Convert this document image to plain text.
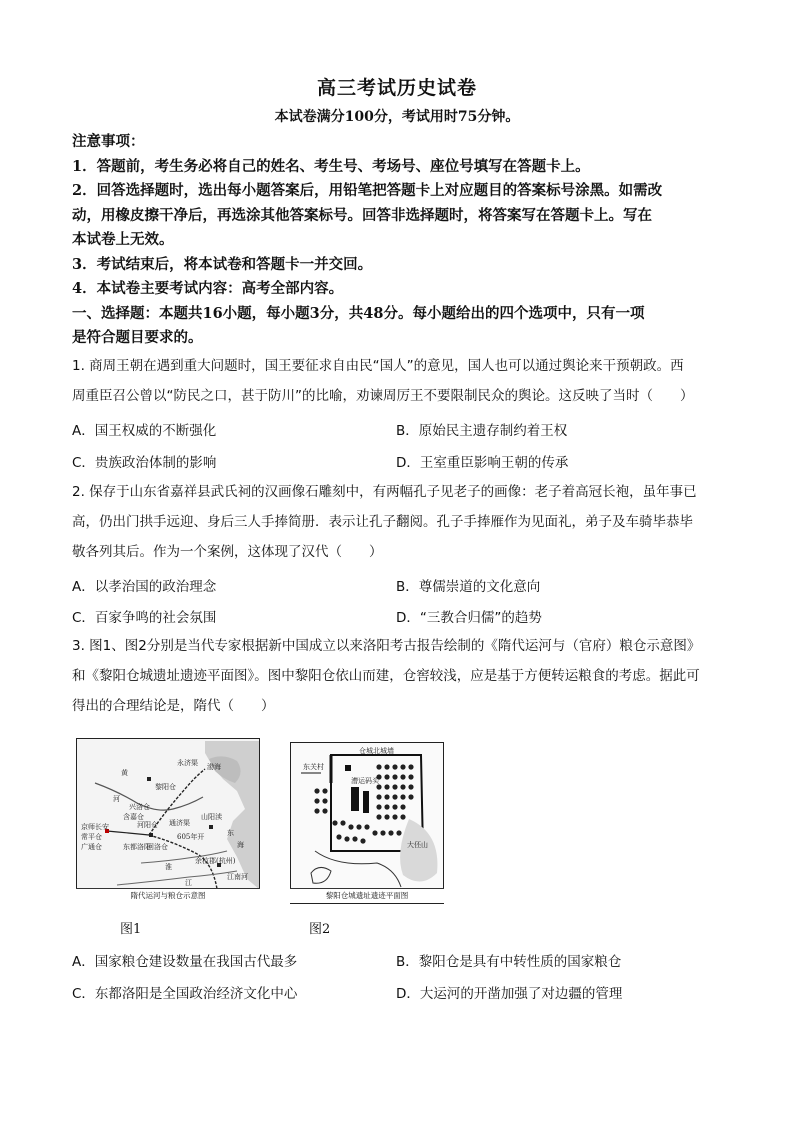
高三考试历史试卷
本试卷满分100分，考试用时75分钟。
注意事项：
1．答题前，考生务必将自己的姓名、考生号、考场号、座位号填写在答题卡上。
2．回答选择题时，选出每小题答案后，用铅笔把答题卡上对应题目的答案标号涂黑。如需改
动，用橡皮擦干净后，再选涂其他答案标号。回答非选择题时，将答案写在答题卡上。写在
本试卷上无效。
3．考试结束后，将本试卷和答题卡一并交回。
4．本试卷主要考试内容：高考全部内容。
一、选择题：本题共16小题，每小题3分，共48分。每小题给出的四个选项中，只有一项
是符合题目要求的。
1. 商周王朝在遇到重大问题时，国王要征求自由民“国人”的意见，国人也可以通过舆论来干预朝政。西
周重臣召公曾以“防民之口，甚于防川”的比喻，劝谏周厉王不要限制民众的舆论。这反映了当时（　　）
A．国王权威的不断强化	B．原始民主遗存制约着王权
C．贵族政治体制的影响	D．王室重臣影响王朝的传承
2. 保存于山东省嘉祥县武氏祠的汉画像石雕刻中，有两幅孔子见老子的画像：老子着高冠长袍，虽年事已
高，仍出门拱手远迎、身后三人手捧简册．表示让孔子翻阅。孔子手捧雁作为见面礼，弟子及车骑毕恭毕
敬各列其后。作为一个案例，这体现了汉代（　　）
A．以孝治国的政治理念	B．尊儒崇道的文化意向
C．百家争鸣的社会氛围	D．“三教合归儒”的趋势
3. 图1、图2分别是当代专家根据新中国成立以来洛阳考古报告绘制的《隋代运河与（官府）粮仓示意图》
和《黎阳仓城遗址遗迹平面图》。图中黎阳仓依山而建，仓窖较浅，应是基于方便转运粮食的考虑。据此可
得出的合理结论是，隋代（　　）
黄
河
渤海
永济渠
黎阳仓
通济渠
605年开	东
海
京师长安
常平仓
广通仓	东都洛阳
回洛仓
含嘉仓
兴洛仓
河阳仓
山阳渎
淮
江
余杭郡(杭州)
江南河
隋代运河与粮仓示意图
图1
仓城北城墙
东关村
漕运码头
大伾山
黎阳仓城遗址遗迹平面图
图2
A．国家粮仓建设数量在我国古代最多	B．黎阳仓是具有中转性质的国家粮仓
C．东都洛阳是全国政治经济文化中心	D．大运河的开凿加强了对边疆的管理
